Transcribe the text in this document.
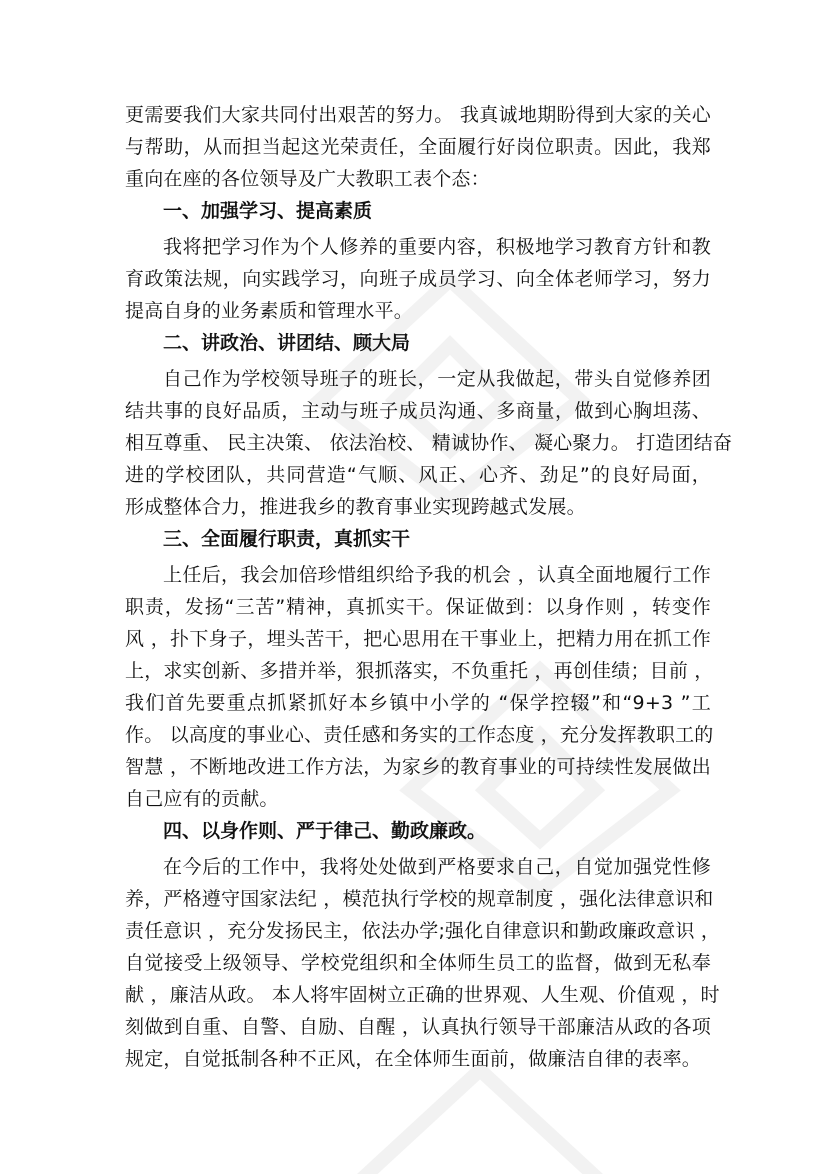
更需要我们大家共同付出艰苦的努力。 我真诚地期盼得到大家的关心
与帮助，从而担当起这光荣责任，全面履行好岗位职责。因此，我郑
重向在座的各位领导及广大教职工表个态：
一、加强学习、提高素质
我将把学习作为个人修养的重要内容，积极地学习教育方针和教
育政策法规，向实践学习，向班子成员学习、向全体老师学习，努力
提高自身的业务素质和管理水平。
二、讲政治、讲团结、顾大局
自己作为学校领导班子的班长，一定从我做起，带头自觉修养团
结共事的良好品质，主动与班子成员沟通、多商量，做到心胸坦荡、
相互尊重、 民主决策、 依法治校、 精诚协作、 凝心聚力。 打造团结奋
进的学校团队，共同营造“气顺、风正、心齐、劲足”的良好局面，
形成整体合力，推进我乡的教育事业实现跨越式发展。
三、全面履行职责，真抓实干
上任后，我会加倍珍惜组织给予我的机会 ，认真全面地履行工作
职责，发扬“三苦”精神，真抓实干。保证做到：以身作则 ，转变作
风 ，扑下身子，埋头苦干，把心思用在干事业上，把精力用在抓工作
上，求实创新、多措并举，狠抓落实，不负重托 ，再创佳绩；目前 ，
我们首先要重点抓紧抓好本乡镇中小学的 “保学控辍”和“9+3 ”工
作。 以高度的事业心、责任感和务实的工作态度 ，充分发挥教职工的
智慧 ，不断地改进工作方法，为家乡的教育事业的可持续性发展做出
自己应有的贡献。
四、以身作则、严于律己、勤政廉政。
在今后的工作中，我将处处做到严格要求自己，自觉加强党性修
养，严格遵守国家法纪 ，模范执行学校的规章制度 ，强化法律意识和
责任意识 ，充分发扬民主，依法办学;强化自律意识和勤政廉政意识 ，
自觉接受上级领导、学校党组织和全体师生员工的监督，做到无私奉
献 ，廉洁从政。 本人将牢固树立正确的世界观、人生观、价值观 ，时
刻做到自重、自警、自励、自醒 ，认真执行领导干部廉洁从政的各项
规定，自觉抵制各种不正风，在全体师生面前，做廉洁自律的表率。
